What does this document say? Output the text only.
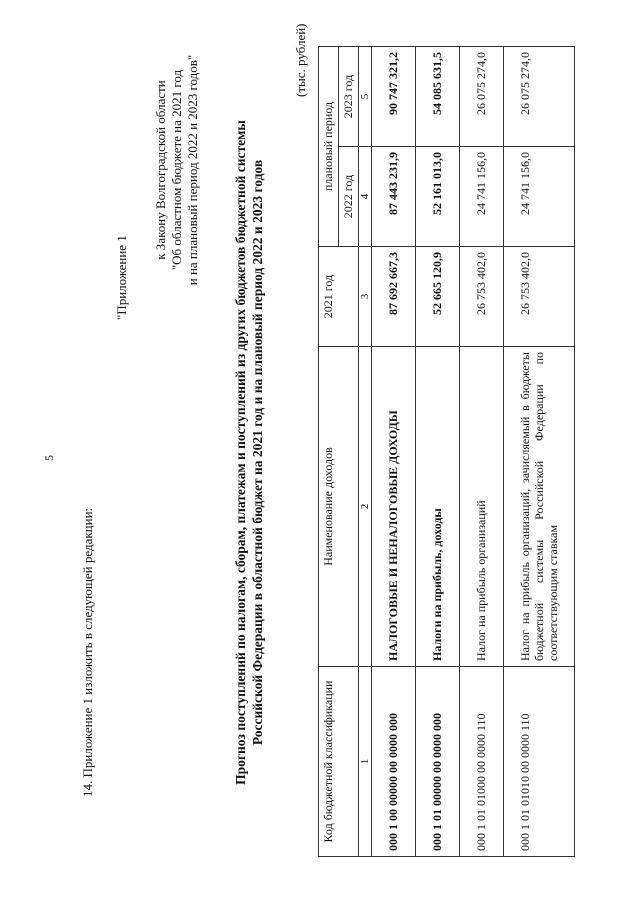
5
14. Приложение 1 изложить в следующей редакции:
"Приложение 1
к Закону Волгоградской области "Об областном бюджете на 2021 год и на плановый период 2022 и 2023 годов" Прогноз поступлений по налогам, сборам, платежам и поступлений из других бюджетов бюджетной системы Российской Федерации в областной бюджет на 2021 год и на плановый период 2022 и 2023 годов
(тыс. рублей)
Код бюджетной классификации	Наименование доходов	2021 год	плановый период	
			2022 год	2023 год
1	2	3	4	5
000 1 00 00000 00 0000 000	НАЛОГОВЫЕ И НЕНАЛОГОВЫЕ ДОХОДЫ	87 692 667,3	87 443 231,9	90 747 321,2
000 1 01 00000 00 0000 000	Налоги на прибыль, доходы	52 665 120,9	52 161 013,0	54 085 631,5
000 1 01 01000 00 0000 110	Налог на прибыль организаций	26 753 402,0	24 741 156,0	26 075 274,0
000 1 01 01010 00 0000 110	Налог на прибыль организаций, зачисляемый в бюджеты бюджетной системы Российской Федерации по соответствующим ставкам	26 753 402,0	24 741 156,0	26 075 274,0
